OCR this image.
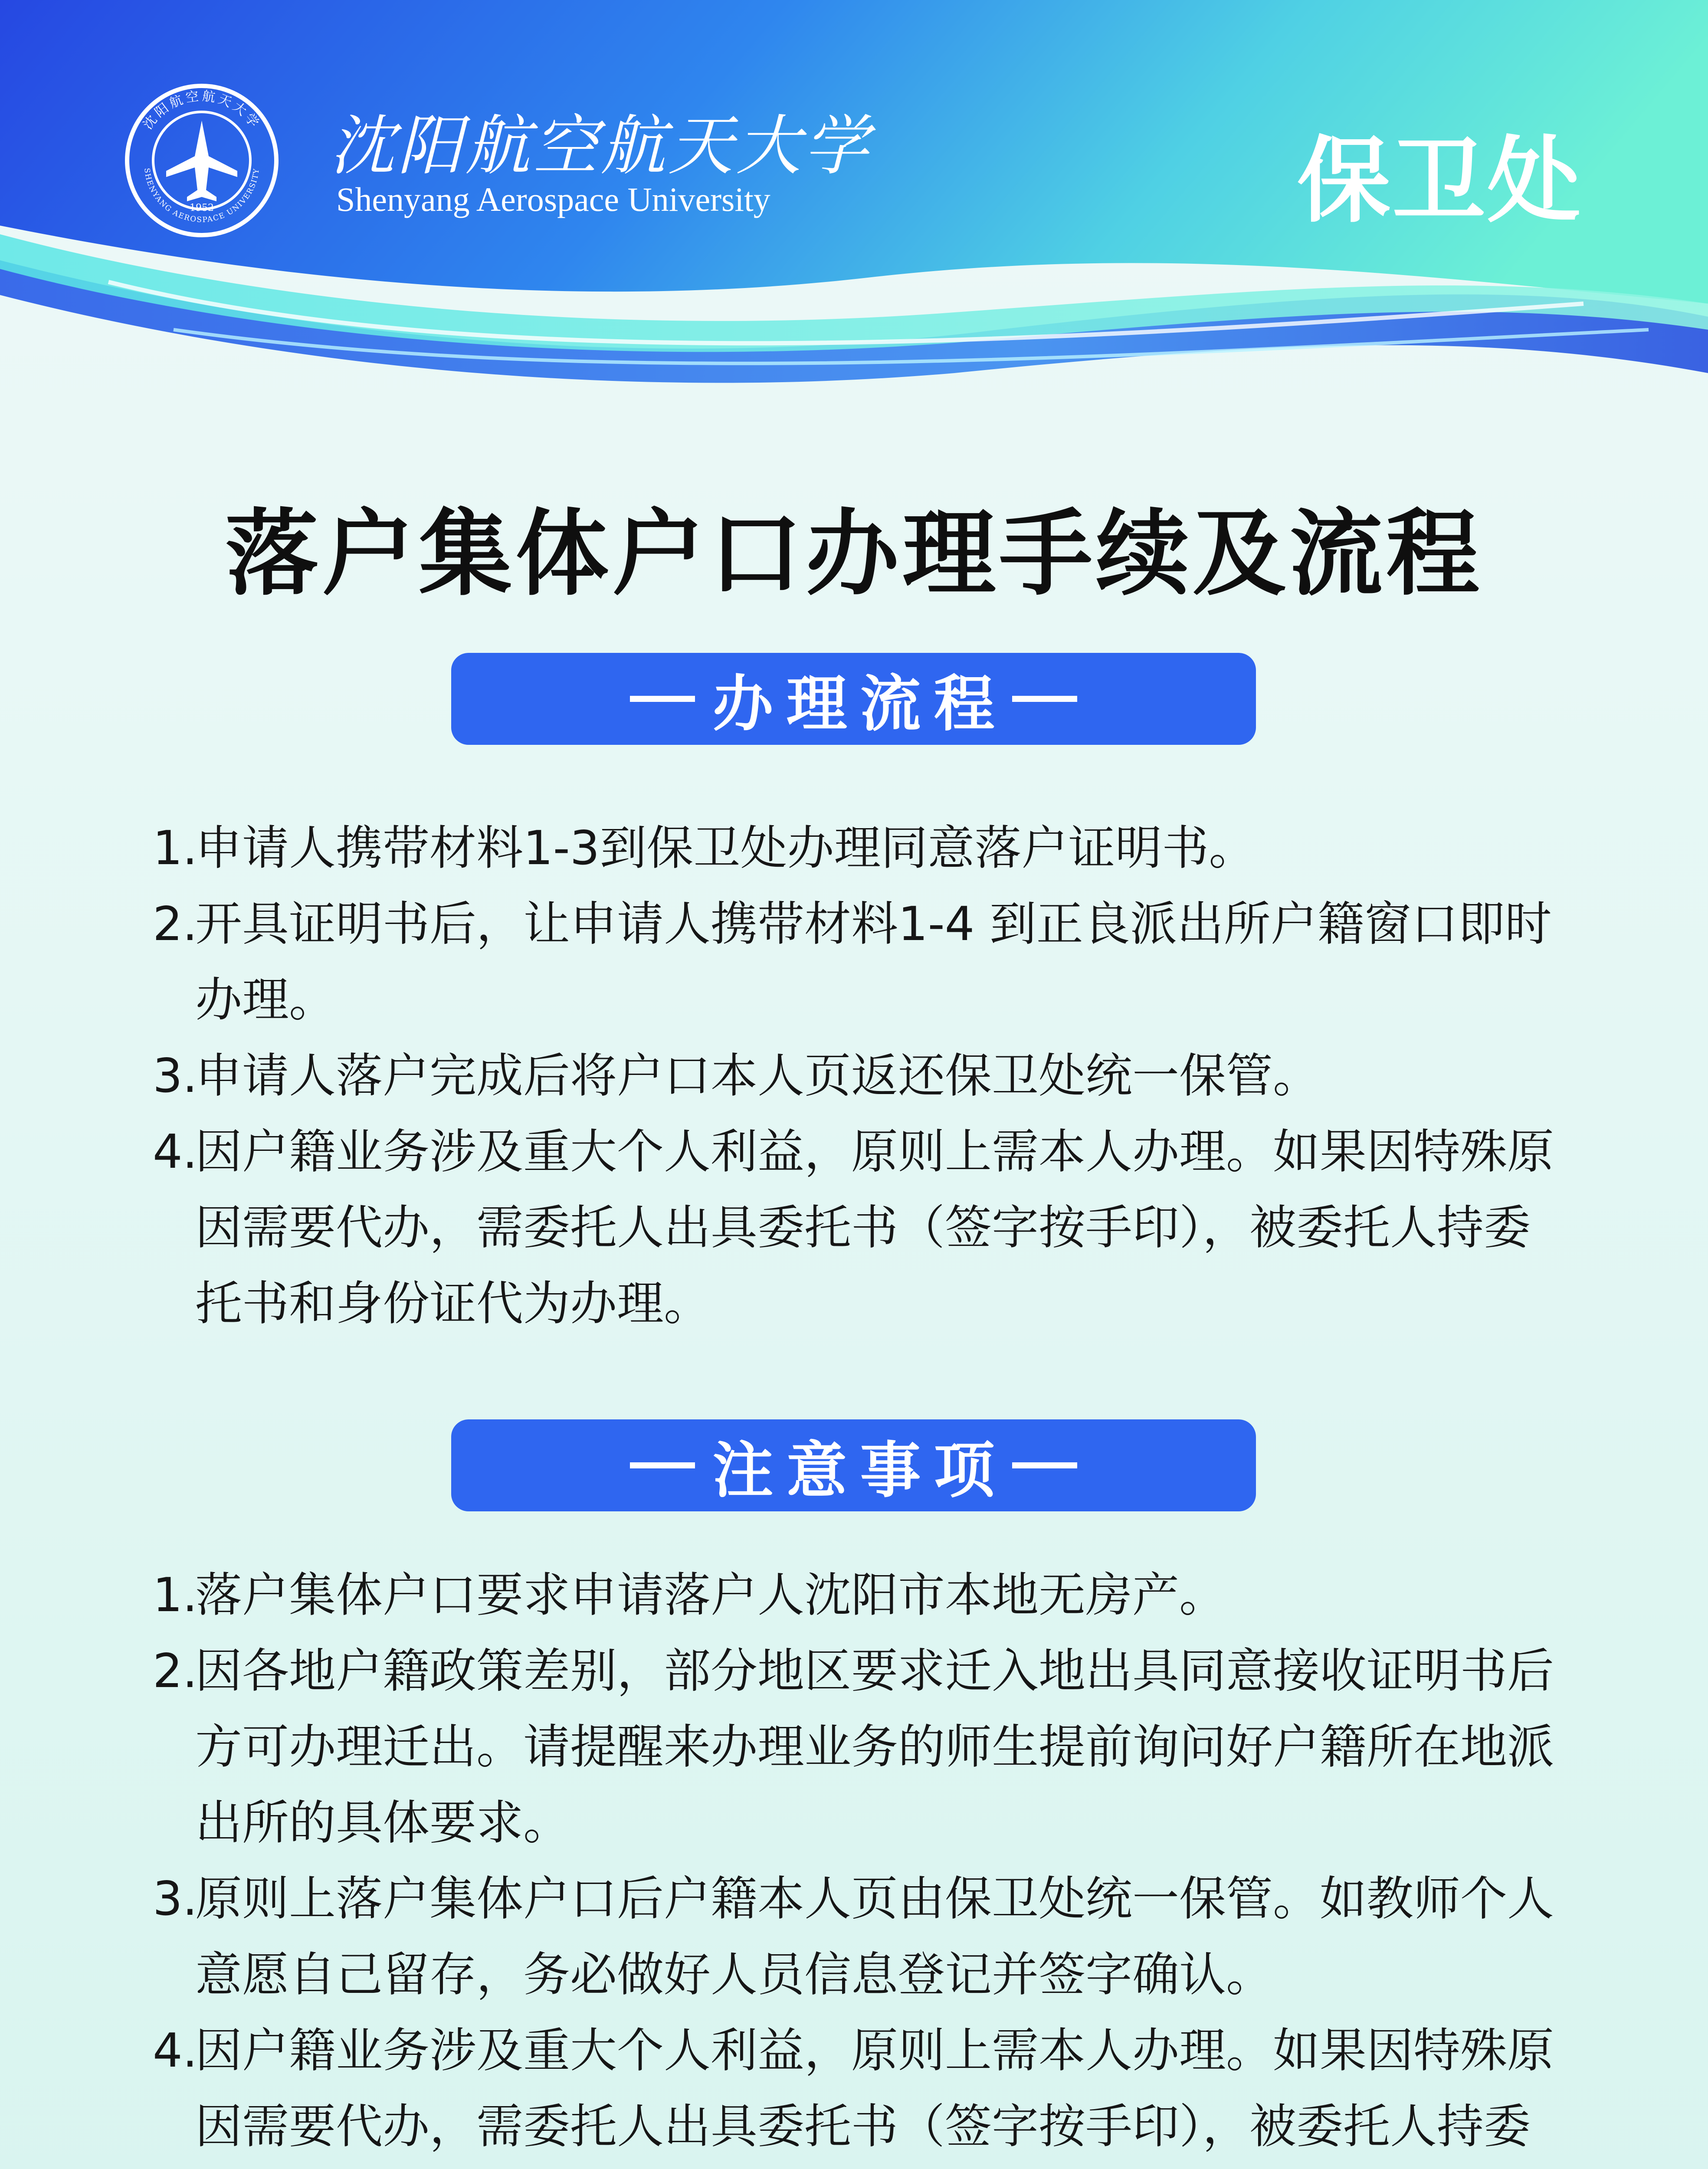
沈阳航空航天大学
SHENYANG AEROSPACE UNIVERSITY
1952
沈阳航空航天大学
Shenyang Aerospace University	保卫处
落户集体户口办理手续及流程
办理流程
1.
申请人携带材料1-3到保卫处办理同意落户证明书。
2.
开具证明书后，让申请人携带材料1-4 到正良派出所户籍窗口即时办理。
3.
申请人落户完成后将户口本人页返还保卫处统一保管。
4.
因户籍业务涉及重大个人利益，原则上需本人办理。如果因特殊原因需要代办，需委托人出具委托书（签字按手印），被委托人持委托书和身份证代为办理。
注意事项
1.
落户集体户口要求申请落户人沈阳市本地无房产。
2.
因各地户籍政策差别，部分地区要求迁入地出具同意接收证明书后方可办理迁出。请提醒来办理业务的师生提前询问好户籍所在地派出所的具体要求。
3.
原则上落户集体户口后户籍本人页由保卫处统一保管。如教师个人意愿自己留存，务必做好人员信息登记并签字确认。
4.
因户籍业务涉及重大个人利益，原则上需本人办理。如果因特殊原因需要代办，需委托人出具委托书（签字按手印），被委托人持委
